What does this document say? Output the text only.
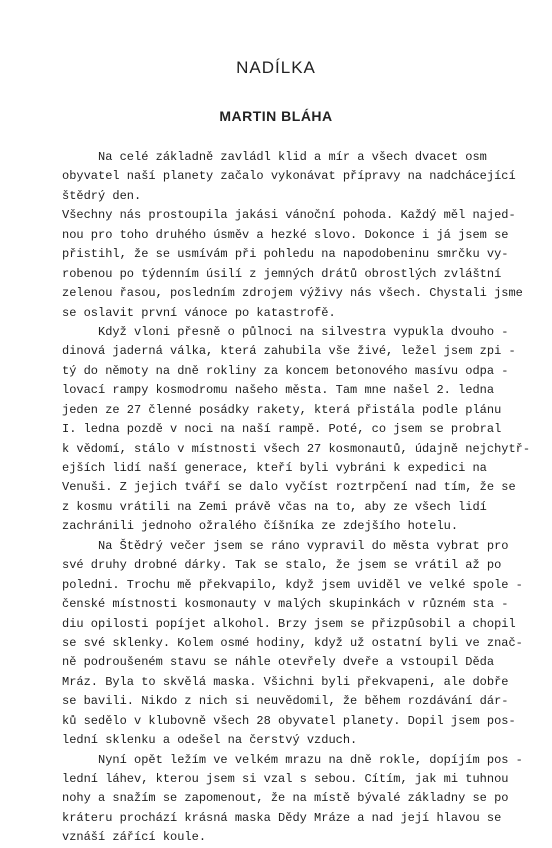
NADÍLKA
MARTIN BLÁHA
Na celé základně zavládl klid a mír a všech dvacet osm
obyvatel naší planety začalo vykonávat přípravy na nadchácející
štědrý den.
Všechny nás prostoupila jakási vánoční pohoda. Každý měl najed-
nou pro toho druhého úsměv a hezké slovo. Dokonce i já jsem se
přistihl, že se usmívám při pohledu na napodobeninu smrčku vy-
robenou po týdenním úsilí z jemných drátů obrostlých zvláštní
zelenou řasou, posledním zdrojem výživy nás všech. Chystali jsme
se oslavit první vánoce po katastrofě.
Když vloni přesně o půlnoci na silvestra vypukla dvouho -
dinová jaderná válka, která zahubila vše živé, ležel jsem zpi -
tý do němoty na dně rokliny za koncem betonového masívu odpa -
lovací rampy kosmodromu našeho města. Tam mne našel 2. ledna
jeden ze 27 členné posádky rakety, která přistála podle plánu
I. ledna pozdě v noci na naší rampě. Poté, co jsem se probral
k vědomí, stálo v místnosti všech 27 kosmonautů, údajně nejchytř-
ejších lidí naší generace, kteří byli vybráni k expedici na
Venuši. Z jejich tváří se dalo vyčíst roztrpčení nad tím, že se
z kosmu vrátili na Zemi právě včas na to, aby ze všech lidí
zachránili jednoho ožralého číšníka ze zdejšího hotelu.
Na Štědrý večer jsem se ráno vypravil do města vybrat pro
své druhy drobné dárky. Tak se stalo, že jsem se vrátil až po
poledni. Trochu mě překvapilo, když jsem uviděl ve velké spole -
čenské místnosti kosmonauty v malých skupinkách v různém sta -
diu opilosti popíjet alkohol. Brzy jsem se přizpůsobil a chopil
se své sklenky. Kolem osmé hodiny, když už ostatní byli ve znač-
ně podroušeném stavu se náhle otevřely dveře a vstoupil Děda
Mráz. Byla to skvělá maska. Všichni byli překvapeni, ale dobře
se bavili. Nikdo z nich si neuvědomil, že během rozdávání dár-
ků sedělo v klubovně všech 28 obyvatel planety. Dopil jsem pos-
lední sklenku a odešel na čerstvý vzduch.
Nyní opět ležím ve velkém mrazu na dně rokle, dopíjím pos -
lední láhev, kterou jsem si vzal s sebou. Cítím, jak mi tuhnou
nohy a snažím se zapomenout, že na místě bývalé základny se po
kráteru prochází krásná maska Dědy Mráze a nad její hlavou se
vznáší zářící koule.
